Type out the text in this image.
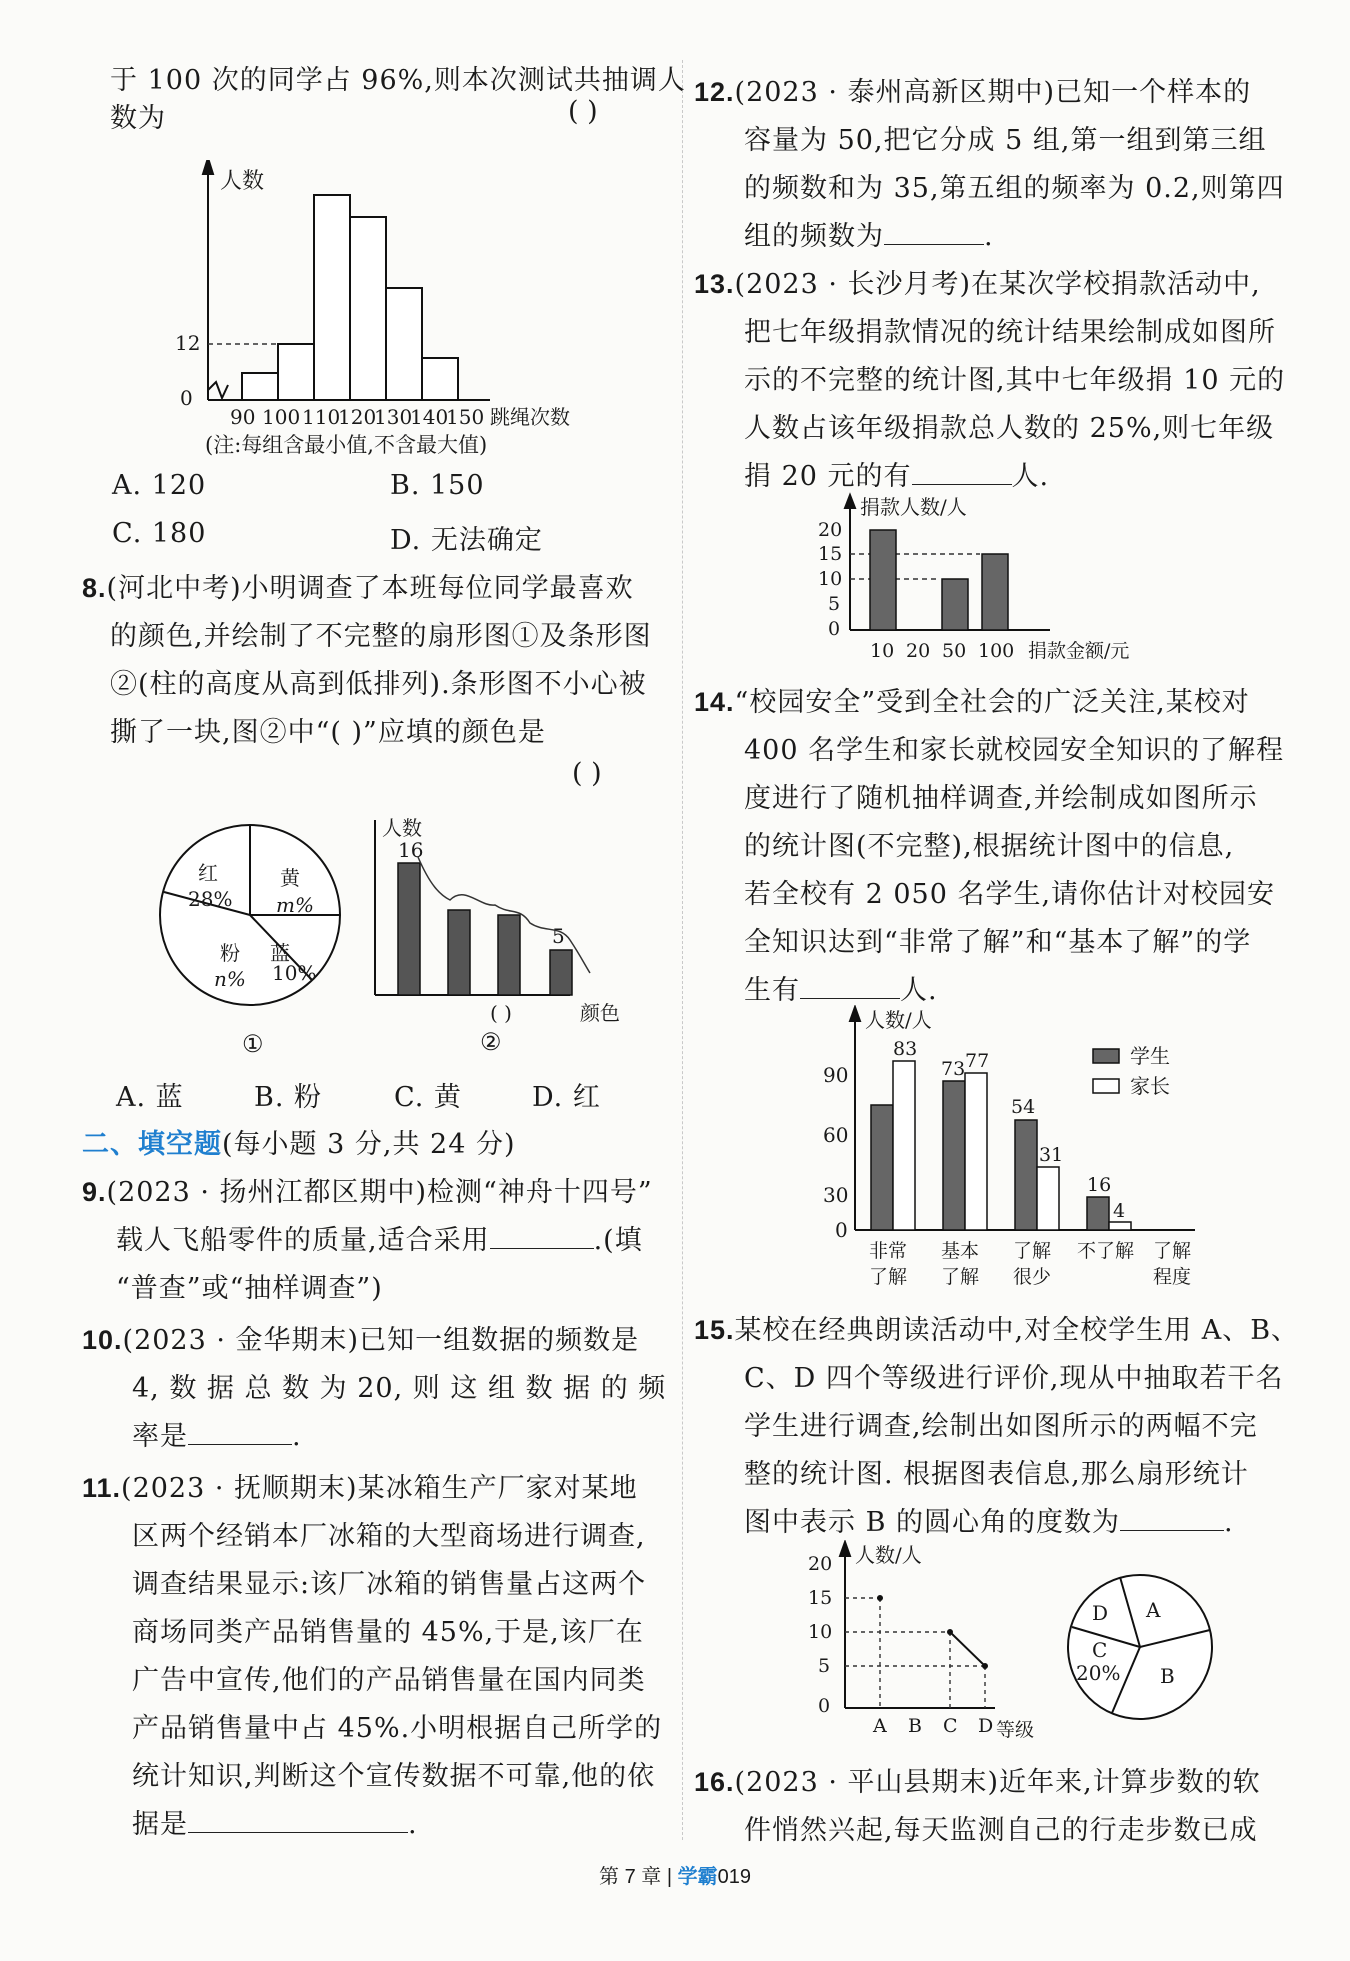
于 100 次的同学占 96%,则本次测试共抽调人
数为	( )
人数
0
12
90 100 110
120
130
140
150 跳绳次数
(注:每组含最小值,不含最大值)
A. 120	B. 150
C. 180	D. 无法确定
8.(河北中考)小明调查了本班每位同学最喜欢
的颜色,并绘制了不完整的扇形图①及条形图
②(柱的高度从高到低排列).条形图不小心被
撕了一块,图②中“( )”应填的颜色是
( )
红
28%
黄
m%
粉
n%
蓝
10%
①
人数
16
5
( )	颜色
②
A. 蓝	B. 粉	C. 黄	D. 红
二、填空题(每小题 3 分,共 24 分)
9.(2023 · 扬州江都区期中)检测“神舟十四号”
载人飞船零件的质量,适合采用	.(填
“普查”或“抽样调查”)
10.(2023 · 金华期末)已知一组数据的频数是
4, 数 据 总 数 为 20, 则 这 组 数 据 的 频
率是	.
11.(2023 · 抚顺期末)某冰箱生产厂家对某地
区两个经销本厂冰箱的大型商场进行调查,
调查结果显示:该厂冰箱的销售量占这两个
商场同类产品销售量的 45%,于是,该厂在
广告中宣传,他们的产品销售量在国内同类
产品销售量中占 45%.小明根据自己所学的
统计知识,判断这个宣传数据不可靠,他的依
据是	.
12.(2023 · 泰州高新区期中)已知一个样本的
容量为 50,把它分成 5 组,第一组到第三组
的频数和为 35,第五组的频率为 0.2,则第四
组的频数为	.
13.(2023 · 长沙月考)在某次学校捐款活动中,
把七年级捐款情况的统计结果绘制成如图所
示的不完整的统计图,其中七年级捐 10 元的
人数占该年级捐款总人数的 25%,则七年级
捐 20 元的有	人.
捐款人数/人
20
15
10
5
0
10 20 50 100 捐款金额/元
14.“校园安全”受到全社会的广泛关注,某校对
400 名学生和家长就校园安全知识的了解程
度进行了随机抽样调查,并绘制成如图所示
的统计图(不完整),根据统计图中的信息,
若全校有 2 050 名学生,请你估计对校园安
全知识达到“非常了解”和“基本了解”的学
生有	人.
人数/人
90
60
30
0
83
73 77
54
31
16
4
学生
家长
非常
了解
基本
了解
了解
很少
不了解 了解
程度
15.某校在经典朗读活动中,对全校学生用 A、B、
C、D 四个等级进行评价,现从中抽取若干名
学生进行调查,绘制出如图所示的两幅不完
整的统计图. 根据图表信息,那么扇形统计
图中表示 B 的圆心角的度数为	.
人数/人
20
15
10
5
0
A B C D 等级
A
B
C
20%
D
16.(2023 · 平山县期末)近年来,计算步数的软
件悄然兴起,每天监测自己的行走步数已成
第 7 章 | 学霸019
